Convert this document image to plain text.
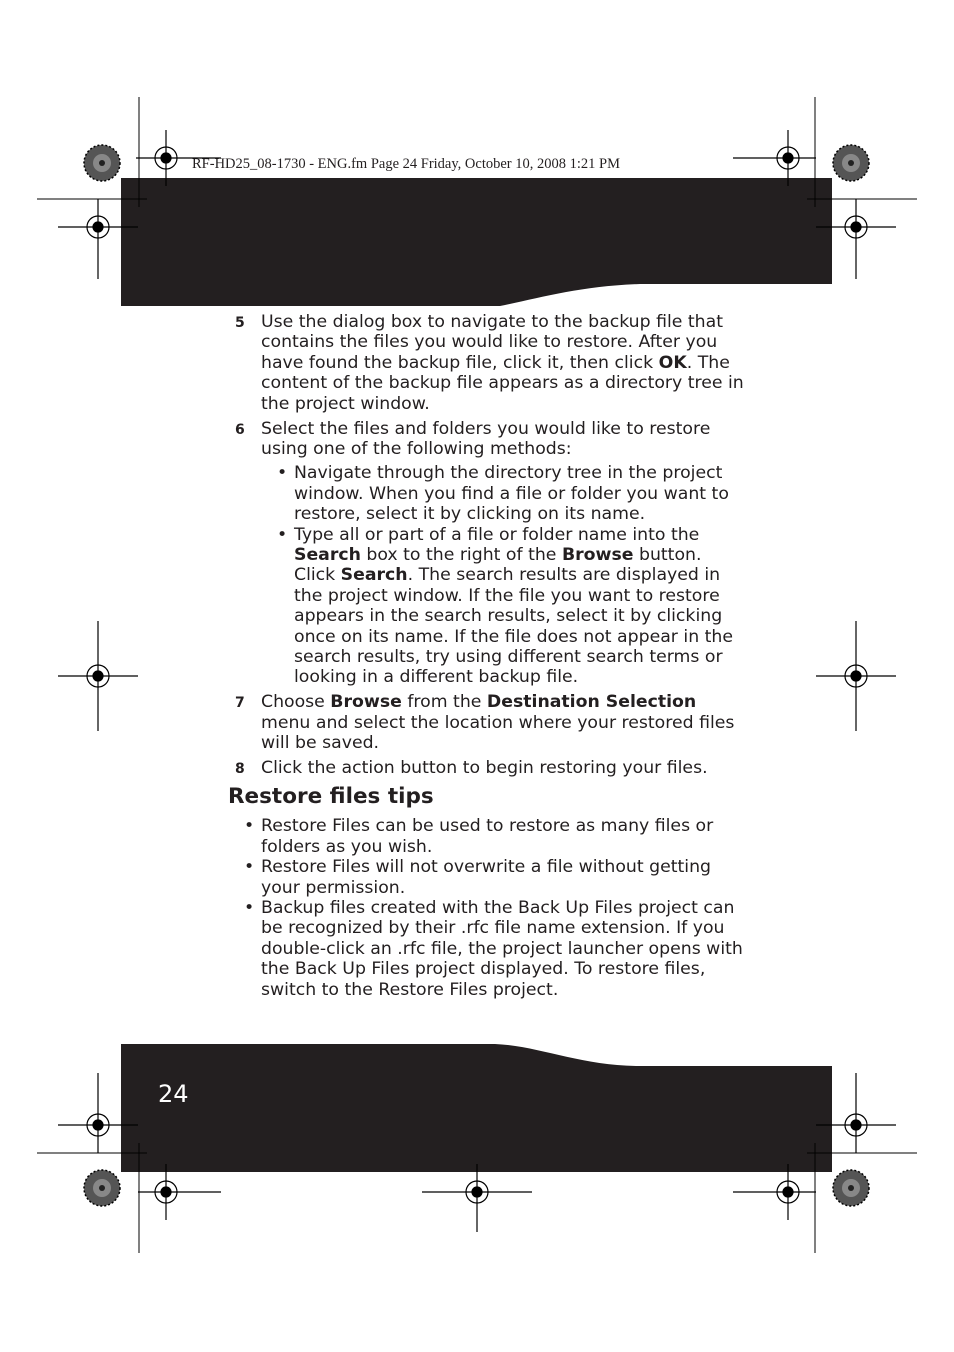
RF-HD25_08-1730 - ENG.fm Page 24 Friday, October 10, 2008 1:21 PM
5 Use the dialog box to navigate to the backup file that contains the files you would like to restore. After you have found the backup file, click it, then click OK. The content of the backup file appears as a directory tree in the project window.
6 Select the files and folders you would like to restore using one of the following methods:
• Navigate through the directory tree in the project window. When you find a file or folder you want to restore, select it by clicking on its name.
• Type all or part of a file or folder name into the Search box to the right of the Browse button. Click Search. The search results are displayed in the project window. If the file you want to restore appears in the search results, select it by clicking once on its name. If the file does not appear in the search results, try using different search terms or looking in a different backup file.
7 Choose Browse from the Destination Selection menu and select the location where your restored files will be saved.
8 Click the action button to begin restoring your files.
Restore files tips
• Restore Files can be used to restore as many files or folders as you wish.
• Restore Files will not overwrite a file without getting your permission.
• Backup files created with the Back Up Files project can be recognized by their .rfc file name extension. If you double-click an .rfc file, the project launcher opens with the Back Up Files project displayed. To restore files, switch to the Restore Files project.
24
